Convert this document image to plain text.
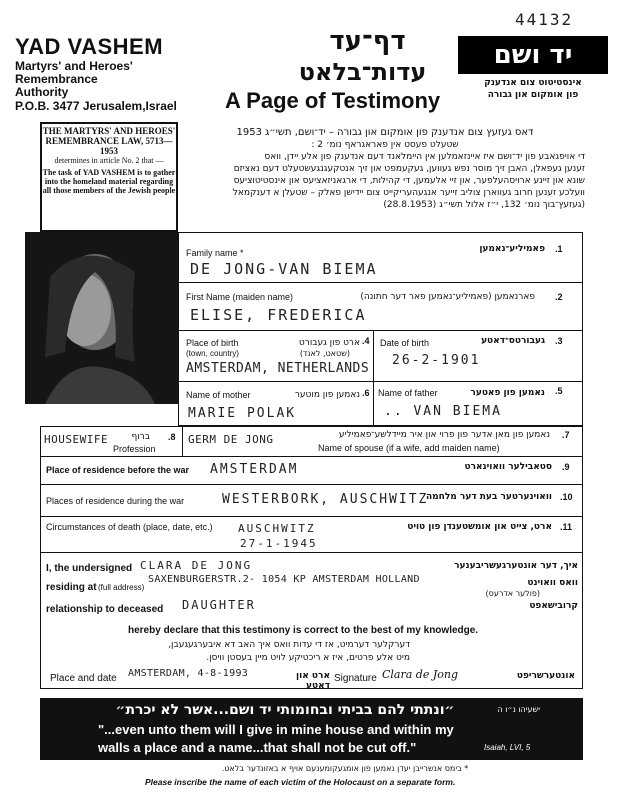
44132
YAD VASHEM
Martyrs' and Heroes'
Remembrance
Authority
P.O.B. 3477 Jerusalem,Israel
דף־עד
עדות־בלאט
A Page of Testimony
יד ושם
אינסטיטוט צום אנדענק
פון אומקום און גבורה
THE MARTYRS' AND HEROES' REMEMBRANCE LAW, 5713—1953
determines in article No. 2 that —
The task of YAD VASHEM is to gather into the homeland material regarding all those members of the Jewish people
דאס געזעץ צום אנדענק פון אומקום און גבורה – יד־ושם, תשי״ג 1953
שטעלט פעסט אין פאראגראף נומ׳ 2 :
די אויפגאבע פון יד־ושם איז איינזאמלען אין היימלאנד דעם אנדענק פון אלע יידן, וואס
זענען געפאלן, האבן זיך מוסר נפש געווען, געקעמפט און זיך אנטקעגנגעשטעלט דעם נאציזם
שונא און זיינע ארויסהעלפער, און זיי אלעמען, די קהילות, די ארגאניזאציעס און אינסטיטוציעס
וועלכע זענען חרוב געווארן צוליב זייער אנגעהעריקייט צום יידישן פאלק – שטעלן א דענקמאל
(געזעץ־בוך נומ׳ 132, י״ז אלול תשי״ג (28.8.1953)
Family name *	פאמיליע־נאמען .1
DE JONG-VAN BIEMA
First Name (maiden name)	פארנאמען (פאמיליע־נאמען פאר דער חתונה) .2
ELISE, FREDERICA
Place of birth
(town, country)
ארט פון געבורט
(שטאט, לאנד)
.4
AMSTERDAM, NETHERLANDS
Date of birth	געבורטס־דאטע .3
26-2-1901
Name of mother	נאמען פון מוטער .6
MARIE POLAK
Name of father	נאמען פון פאטער .5
.. VAN BIEMA
HOUSEWIFE	ברוף
Profession
.8 GERM DE JONG	נאמען פון מאן אדער פון פרוי און איר מיידלשע־פאמיליע
Name of spouse (if a wife, add maiden name)
.7
Place of residence before the war AMSTERDAM	סטאבילער וואוינארט .9
Places of residence during the war	WESTERBORK, AUSCHWITZ
וואוינערטער בעת דער מלחמה .10
Circumstances of death (place, date, etc.) AUSCHWITZ
27-1-1945
ארט, צייט און אומשטענדן פון טויט .11
I, the undersigned CLARA DE JONG	איך, דער אונטערגעשריבענער
residing at (full address)
SAXENBURGERSTR.2- 1054 KP AMSTERDAM HOLLAND	וואס וואוינט
(פולער אדרעס)
relationship to deceased DAUGHTER	קרובישאפט
hereby declare that this testimony is correct to the best of my knowledge.
דערקלער דערמיט, אז די עדות וואס איך האב דא איבערגעגעבן,
מיט אלע פרטים, איז א ריכטיקע לויט מיין בעסטן וויסן.
Place and date AMSTERDAM, 4-8-1993	ארט און דאטע
Signature Clara de Jong	אונטערשריפט
״ונתתי להם בביתי ובחומותי יד ושם...אשר לא יכרת״	ישעיהו נ״ו ה
"...even unto them will I give in mine house and within my
walls a place and a name...that shall not be cut off."	Isaiah, LVI, 5
* בימס אנשרייבן יעדן נאמען פון אומגעקומענעם אויף א באזונדער בלאט.
Please inscribe the name of each victim of the Holocaust on a separate form.
